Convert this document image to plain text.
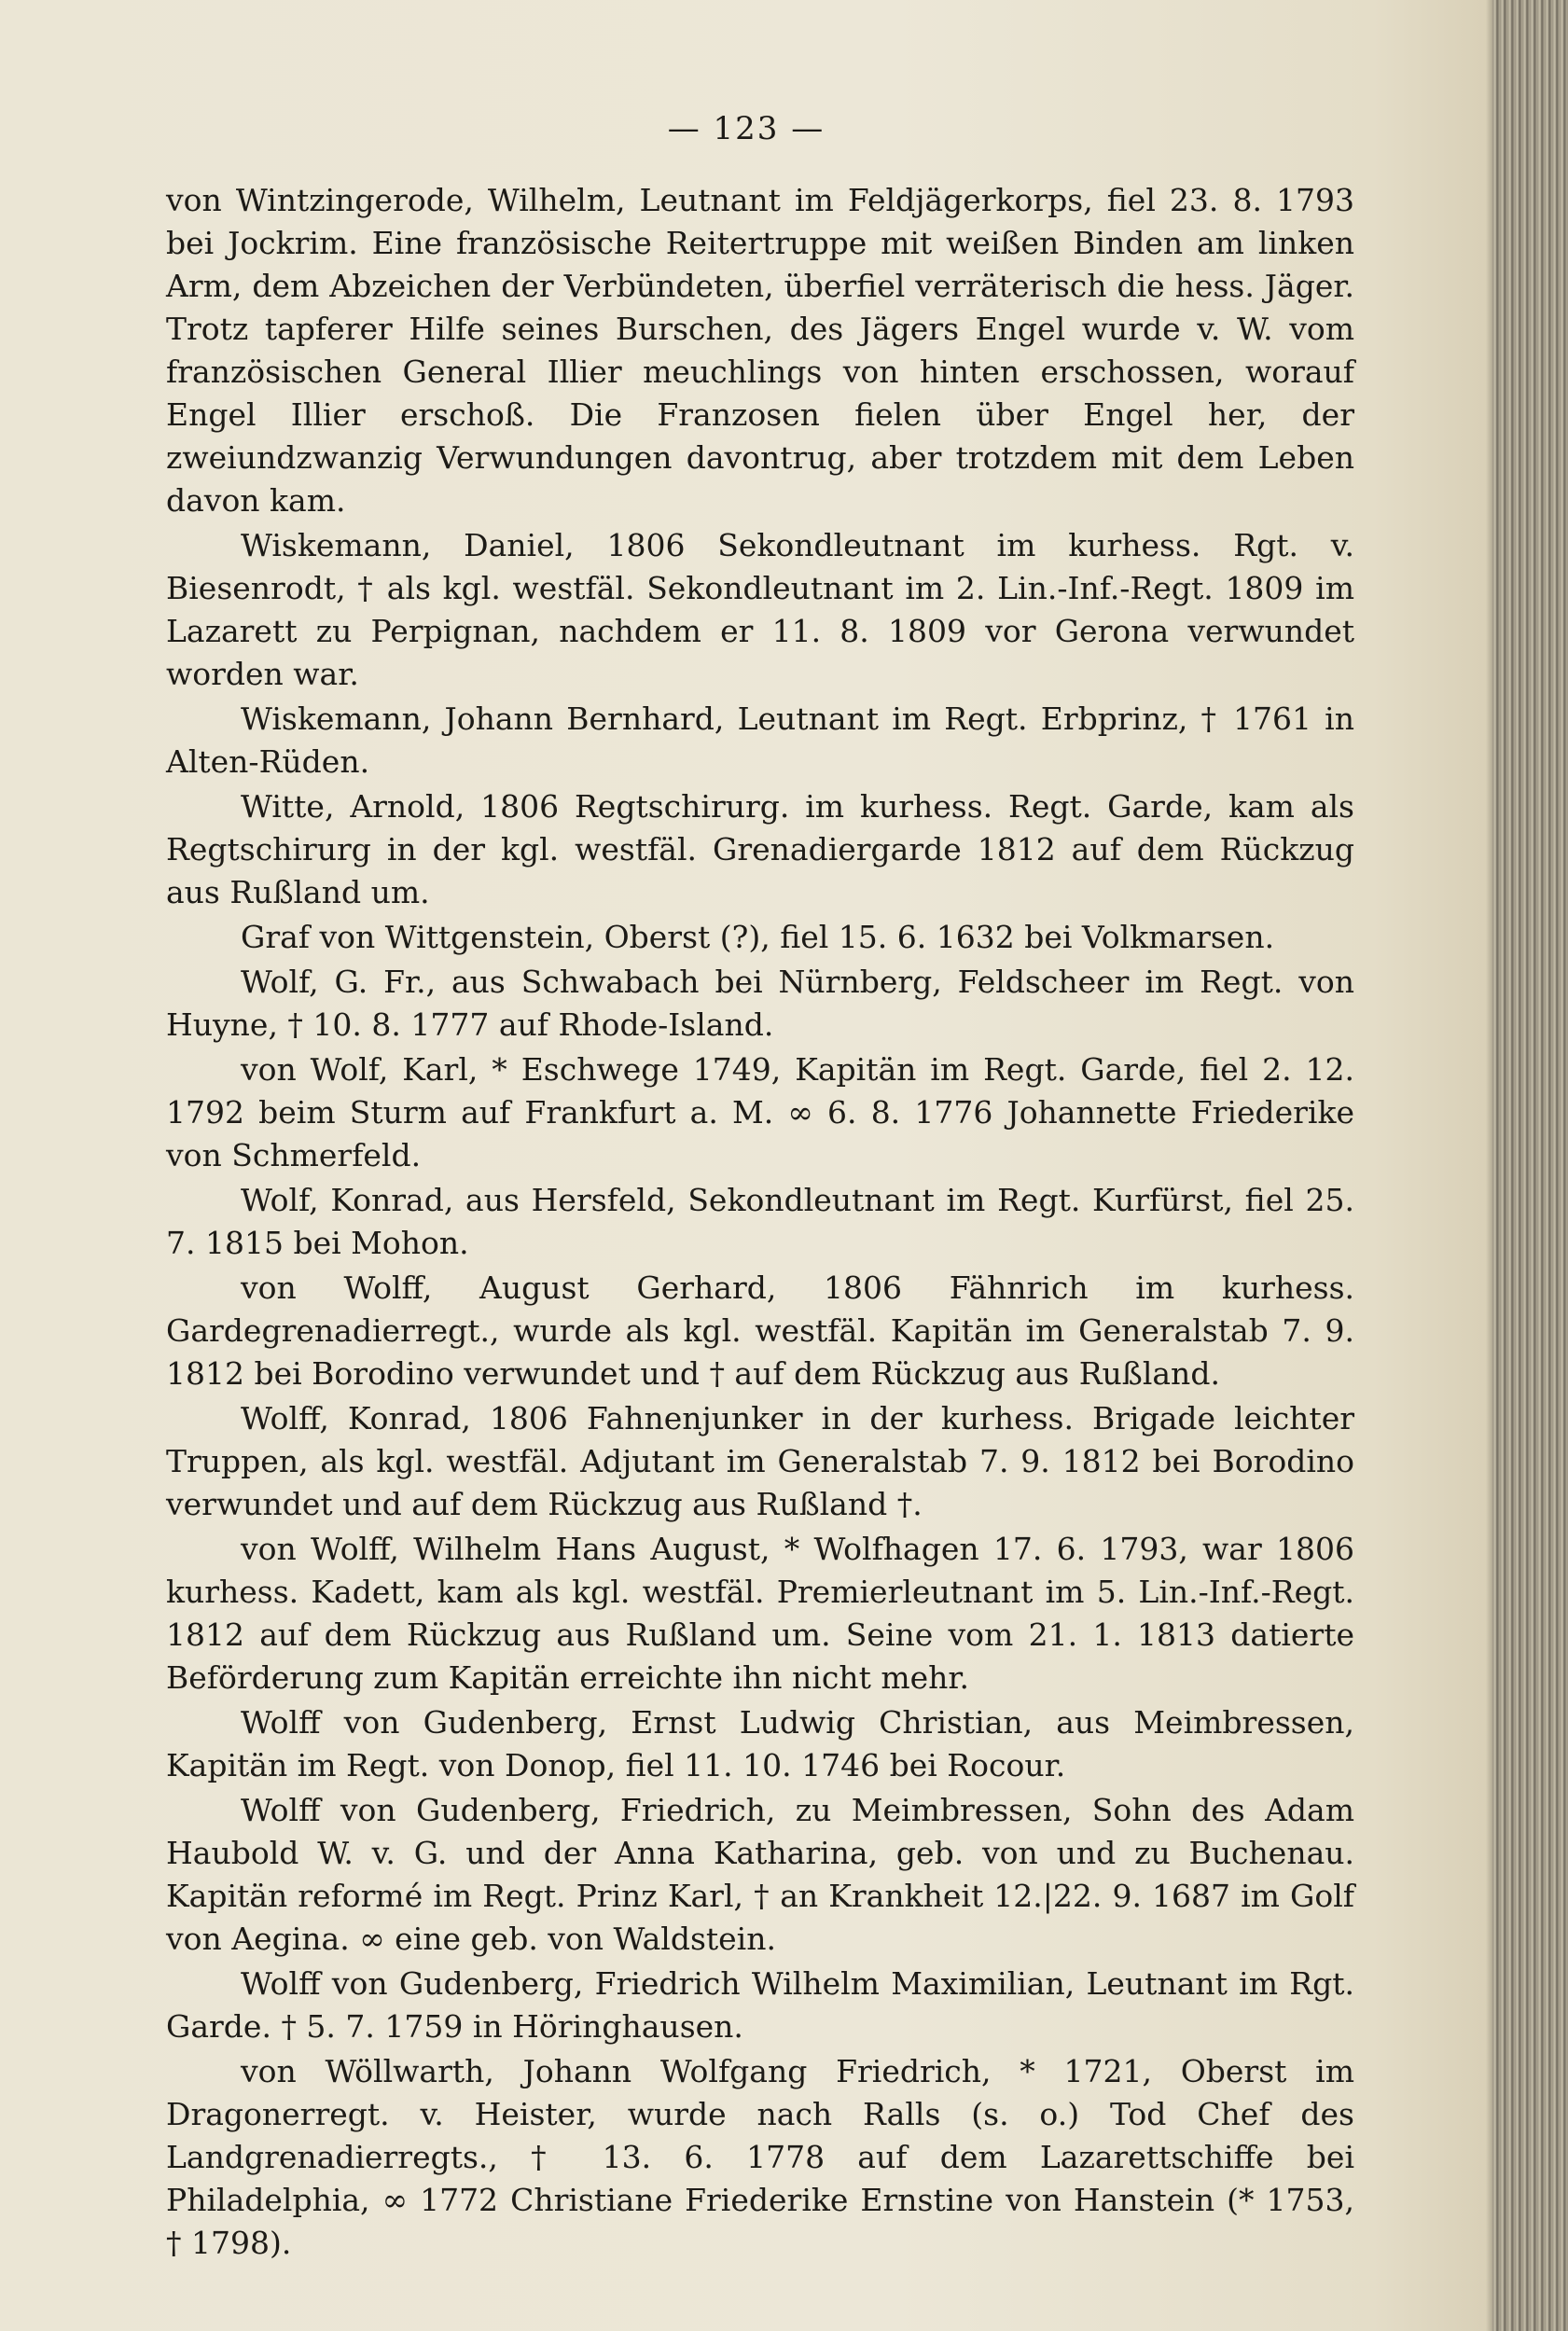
— 123 —

von Wintzingerode, Wilhelm, Leutnant im Feldjägerkorps, fiel 23. 8. 1793 bei Jockrim. Eine französische Reitertruppe mit weißen Binden am linken Arm, dem Abzeichen der Verbündeten, überfiel verräterisch die hess. Jäger. Trotz tapferer Hilfe seines Burschen, des Jägers Engel wurde v. W. vom französischen General Illier meuchlings von hinten erschossen, worauf Engel Illier erschoß. Die Franzosen fielen über Engel her, der zweiundzwanzig Verwundungen davontrug, aber trotzdem mit dem Leben davon kam.

Wiskemann, Daniel, 1806 Sekondleutnant im kurhess. Rgt. v. Biesenrodt, † als kgl. westfäl. Sekondleutnant im 2. Lin.-Inf.-Regt. 1809 im Lazarett zu Perpignan, nachdem er 11. 8. 1809 vor Gerona verwundet worden war.

Wiskemann, Johann Bernhard, Leutnant im Regt. Erbprinz, † 1761 in Alten-Rüden.

Witte, Arnold, 1806 Regtschirurg. im kurhess. Regt. Garde, kam als Regtschirurg in der kgl. westfäl. Grenadiergarde 1812 auf dem Rückzug aus Rußland um.

Graf von Wittgenstein, Oberst (?), fiel 15. 6. 1632 bei Volkmarsen.

Wolf, G. Fr., aus Schwabach bei Nürnberg, Feldscheer im Regt. von Huyne, † 10. 8. 1777 auf Rhode-Island.

von Wolf, Karl, * Eschwege 1749, Kapitän im Regt. Garde, fiel 2. 12. 1792 beim Sturm auf Frankfurt a. M. ∞ 6. 8. 1776 Johannette Friederike von Schmerfeld.

Wolf, Konrad, aus Hersfeld, Sekondleutnant im Regt. Kurfürst, fiel 25. 7. 1815 bei Mohon.

von Wolff, August Gerhard, 1806 Fähnrich im kurhess. Gardegrenadierregt., wurde als kgl. westfäl. Kapitän im Generalstab 7. 9. 1812 bei Borodino verwundet und † auf dem Rückzug aus Rußland.

Wolff, Konrad, 1806 Fahnenjunker in der kurhess. Brigade leichter Truppen, als kgl. westfäl. Adjutant im Generalstab 7. 9. 1812 bei Borodino verwundet und auf dem Rückzug aus Rußland †.

von Wolff, Wilhelm Hans August, * Wolfhagen 17. 6. 1793, war 1806 kurhess. Kadett, kam als kgl. westfäl. Premierleutnant im 5. Lin.-Inf.-Regt. 1812 auf dem Rückzug aus Rußland um. Seine vom 21. 1. 1813 datierte Beförderung zum Kapitän erreichte ihn nicht mehr.

Wolff von Gudenberg, Ernst Ludwig Christian, aus Meimbressen, Kapitän im Regt. von Donop, fiel 11. 10. 1746 bei Rocour.

Wolff von Gudenberg, Friedrich, zu Meimbressen, Sohn des Adam Haubold W. v. G. und der Anna Katharina, geb. von und zu Buchenau. Kapitän reformé im Regt. Prinz Karl, † an Krankheit 12.|22. 9. 1687 im Golf von Aegina. ∞ eine geb. von Waldstein.

Wolff von Gudenberg, Friedrich Wilhelm Maximilian, Leutnant im Rgt. Garde. † 5. 7. 1759 in Höringhausen.

von Wöllwarth, Johann Wolfgang Friedrich, * 1721, Oberst im Dragonerregt. v. Heister, wurde nach Ralls (s. o.) Tod Chef des Landgrenadierregts., † 13. 6. 1778 auf dem Lazarettschiffe bei Philadelphia, ∞ 1772 Christiane Friederike Ernstine von Hanstein (* 1753, † 1798).
